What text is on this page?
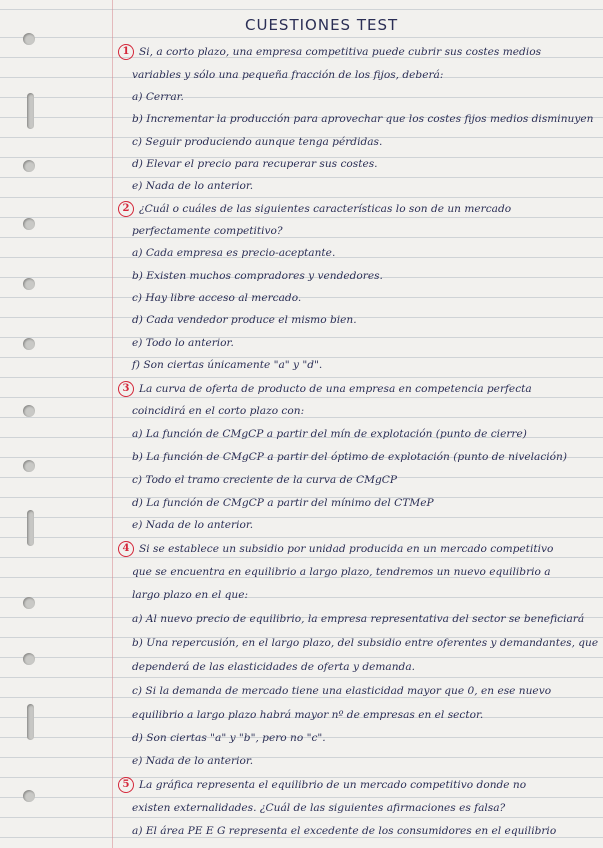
CUESTIONES TEST
1 Si, a corto plazo, una empresa competitiva puede cubrir sus costes medios
variables y sólo una pequeña fracción de los fijos, deberá:
a) Cerrar.
b) Incrementar la producción para aprovechar que los costes fijos medios disminuyen
c) Seguir produciendo aunque tenga pérdidas.
d) Elevar el precio para recuperar sus costes.
e) Nada de lo anterior.
2 ¿Cuál o cuáles de las siguientes características lo son de un mercado
perfectamente competitivo?
a) Cada empresa es precio-aceptante.
b) Existen muchos compradores y vendedores.
c) Hay libre acceso al mercado.
d) Cada vendedor produce el mismo bien.
e) Todo lo anterior.
f) Son ciertas únicamente "a" y "d".
3 La curva de oferta de producto de una empresa en competencia perfecta
coincidirá en el corto plazo con:
a) La función de CMgCP a partir del mín de explotación (punto de cierre)
b) La función de CMgCP a partir del óptimo de explotación (punto de nivelación)
c) Todo el tramo creciente de la curva de CMgCP
d) La función de CMgCP a partir del mínimo del CTMeP
e) Nada de lo anterior.
4 Si se establece un subsidio por unidad producida en un mercado competitivo
que se encuentra en equilibrio a largo plazo, tendremos un nuevo equilibrio a
largo plazo en el que:
a) Al nuevo precio de equilibrio, la empresa representativa del sector se beneficiará
b) Una repercusión, en el largo plazo, del subsidio entre oferentes y demandantes, que
dependerá de las elasticidades de oferta y demanda.
c) Si la demanda de mercado tiene una elasticidad mayor que 0, en ese nuevo
equilibrio a largo plazo habrá mayor nº de empresas en el sector.
d) Son ciertas "a" y "b", pero no "c".
e) Nada de lo anterior.
5 La gráfica representa el equilibrio de un mercado competitivo donde no
existen externalidades. ¿Cuál de las siguientes afirmaciones es falsa?
a) El área PE E G representa el excedente de los consumidores en el equilibrio
